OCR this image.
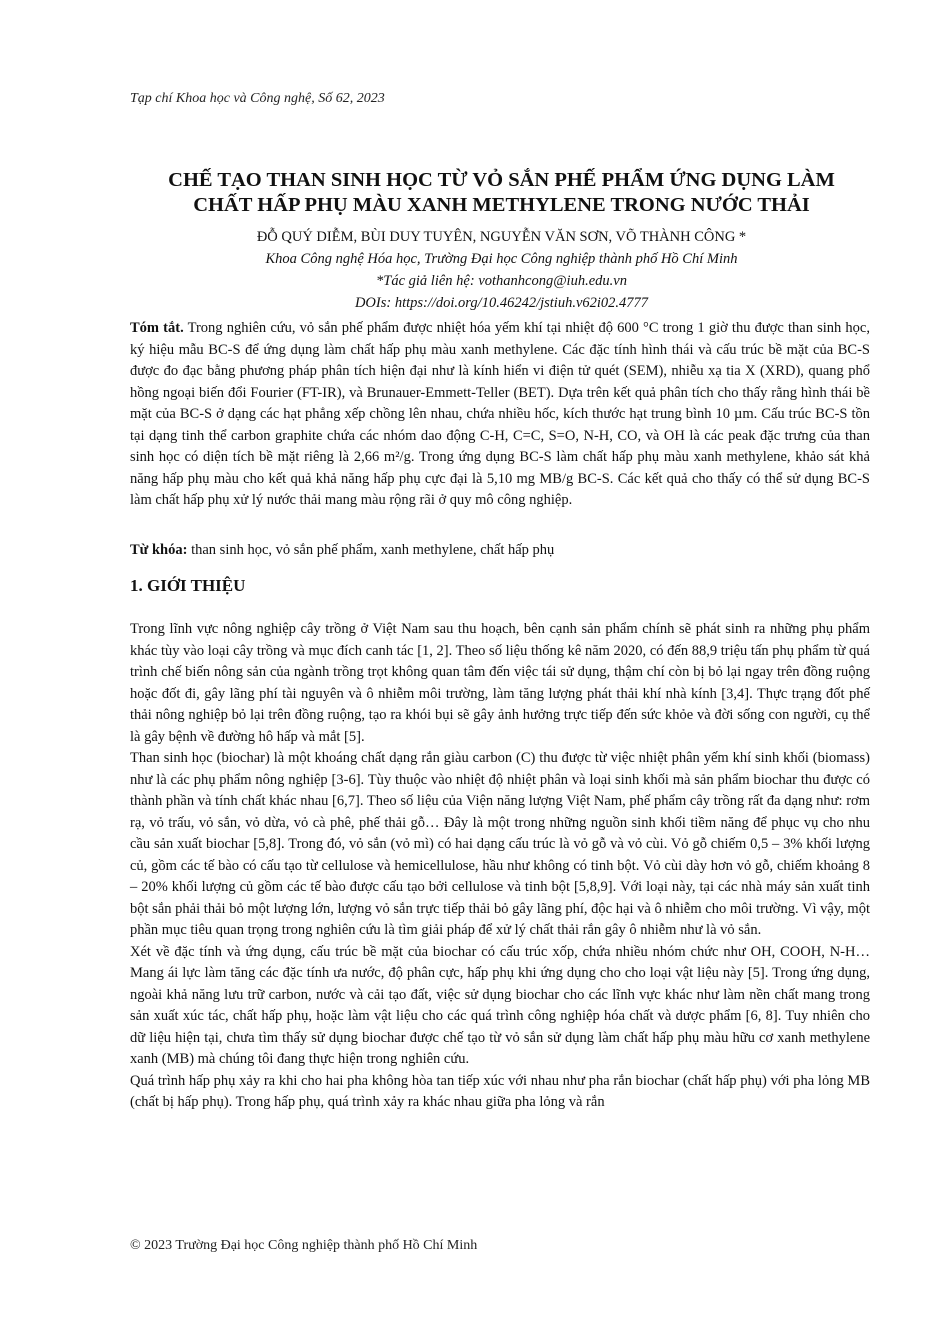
Tạp chí Khoa học và Công nghệ, Số 62, 2023
CHẾ TẠO THAN SINH HỌC TỪ VỎ SẮN PHẾ PHẨM ỨNG DỤNG LÀM
CHẤT HẤP PHỤ MÀU XANH METHYLENE TRONG NƯỚC THẢI
ĐỖ QUÝ DIỄM, BÙI DUY TUYÊN, NGUYỄN VĂN SƠN, VÕ THÀNH CÔNG *
Khoa Công nghệ Hóa học, Trường Đại học Công nghiệp thành phố Hồ Chí Minh
*Tác giả liên hệ: vothanhcong@iuh.edu.vn
DOIs: https://doi.org/10.46242/jstiuh.v62i02.4777
Tóm tắt. Trong nghiên cứu, vỏ sắn phế phẩm được nhiệt hóa yếm khí tại nhiệt độ 600 °C trong 1 giờ thu được than sinh học, ký hiệu mẫu BC-S để ứng dụng làm chất hấp phụ màu xanh methylene. Các đặc tính hình thái và cấu trúc bề mặt của BC-S được đo đạc bằng phương pháp phân tích hiện đại như là kính hiển vi điện tử quét (SEM), nhiễu xạ tia X (XRD), quang phổ hồng ngoại biến đổi Fourier (FT-IR), và Brunauer-Emmett-Teller (BET). Dựa trên kết quả phân tích cho thấy rằng hình thái bề mặt của BC-S ở dạng các hạt phẳng xếp chồng lên nhau, chứa nhiều hốc, kích thước hạt trung bình 10 µm. Cấu trúc BC-S tồn tại dạng tinh thể carbon graphite chứa các nhóm dao động C-H, C=C, S=O, N-H, CO, và OH là các peak đặc trưng của than sinh học có diện tích bề mặt riêng là 2,66 m²/g. Trong ứng dụng BC-S làm chất hấp phụ màu xanh methylene, khảo sát khả năng hấp phụ màu cho kết quả khả năng hấp phụ cực đại là 5,10 mg MB/g BC-S. Các kết quả cho thấy có thể sử dụng BC-S làm chất hấp phụ xử lý nước thải mang màu rộng rãi ở quy mô công nghiệp.
Từ khóa: than sinh học, vỏ sắn phế phẩm, xanh methylene, chất hấp phụ
1. GIỚI THIỆU

Trong lĩnh vực nông nghiệp cây trồng ở Việt Nam sau thu hoạch, bên cạnh sản phẩm chính sẽ phát sinh ra những phụ phẩm khác tùy vào loại cây trồng và mục đích canh tác [1, 2]. Theo số liệu thống kê năm 2020, có đến 88,9 triệu tấn phụ phẩm từ quá trình chế biến nông sản của ngành trồng trọt không quan tâm đến việc tái sử dụng, thậm chí còn bị bỏ lại ngay trên đồng ruộng hoặc đốt đi, gây lãng phí tài nguyên và ô nhiễm môi trường, làm tăng lượng phát thải khí nhà kính [3,4]. Thực trạng đốt phế thải nông nghiệp bỏ lại trên đồng ruộng, tạo ra khói bụi sẽ gây ảnh hưởng trực tiếp đến sức khỏe và đời sống con người, cụ thể là gây bệnh về đường hô hấp và mắt [5].

Than sinh học (biochar) là một khoáng chất dạng rắn giàu carbon (C) thu được từ việc nhiệt phân yếm khí sinh khối (biomass) như là các phụ phẩm nông nghiệp [3-6]. Tùy thuộc vào nhiệt độ nhiệt phân và loại sinh khối mà sản phẩm biochar thu được có thành phần và tính chất khác nhau [6,7]. Theo số liệu của Viện năng lượng Việt Nam, phế phẩm cây trồng rất đa dạng như: rơm rạ, vỏ trấu, vỏ sắn, vỏ dừa, vỏ cà phê, phế thải gỗ… Đây là một trong những nguồn sinh khối tiềm năng để phục vụ cho nhu cầu sản xuất biochar [5,8]. Trong đó, vỏ sắn (vỏ mì) có hai dạng cấu trúc là vỏ gỗ và vỏ cùi. Vỏ gỗ chiếm 0,5 – 3% khối lượng củ, gồm các tế bào có cấu tạo từ cellulose và hemicellulose, hầu như không có tinh bột. Vỏ cùi dày hơn vỏ gỗ, chiếm khoảng 8 – 20% khối lượng củ gồm các tế bào được cấu tạo bởi cellulose và tinh bột [5,8,9]. Với loại này, tại các nhà máy sản xuất tinh bột sắn phải thải bỏ một lượng lớn, lượng vỏ sắn trực tiếp thải bỏ gây lãng phí, độc hại và ô nhiễm cho môi trường. Vì vậy, một phần mục tiêu quan trọng trong nghiên cứu là tìm giải pháp để xử lý chất thải rắn gây ô nhiễm như là vỏ sắn.

Xét về đặc tính và ứng dụng, cấu trúc bề mặt của biochar có cấu trúc xốp, chứa nhiều nhóm chức như OH, COOH, N-H… Mang ái lực làm tăng các đặc tính ưa nước, độ phân cực, hấp phụ khi ứng dụng cho cho loại vật liệu này [5]. Trong ứng dụng, ngoài khả năng lưu trữ carbon, nước và cải tạo đất, việc sử dụng biochar cho các lĩnh vực khác như làm nền chất mang trong sản xuất xúc tác, chất hấp phụ, hoặc làm vật liệu cho các quá trình công nghiệp hóa chất và dược phẩm [6, 8]. Tuy nhiên cho dữ liệu hiện tại, chưa tìm thấy sử dụng biochar được chế tạo từ vỏ sắn sử dụng làm chất hấp phụ màu hữu cơ xanh methylene xanh (MB) mà chúng tôi đang thực hiện trong nghiên cứu.

Quá trình hấp phụ xảy ra khi cho hai pha không hòa tan tiếp xúc với nhau như pha rắn biochar (chất hấp phụ) với pha lỏng MB (chất bị hấp phụ). Trong hấp phụ, quá trình xảy ra khác nhau giữa pha lỏng và rắn

© 2023 Trường Đại học Công nghiệp thành phố Hồ Chí Minh
